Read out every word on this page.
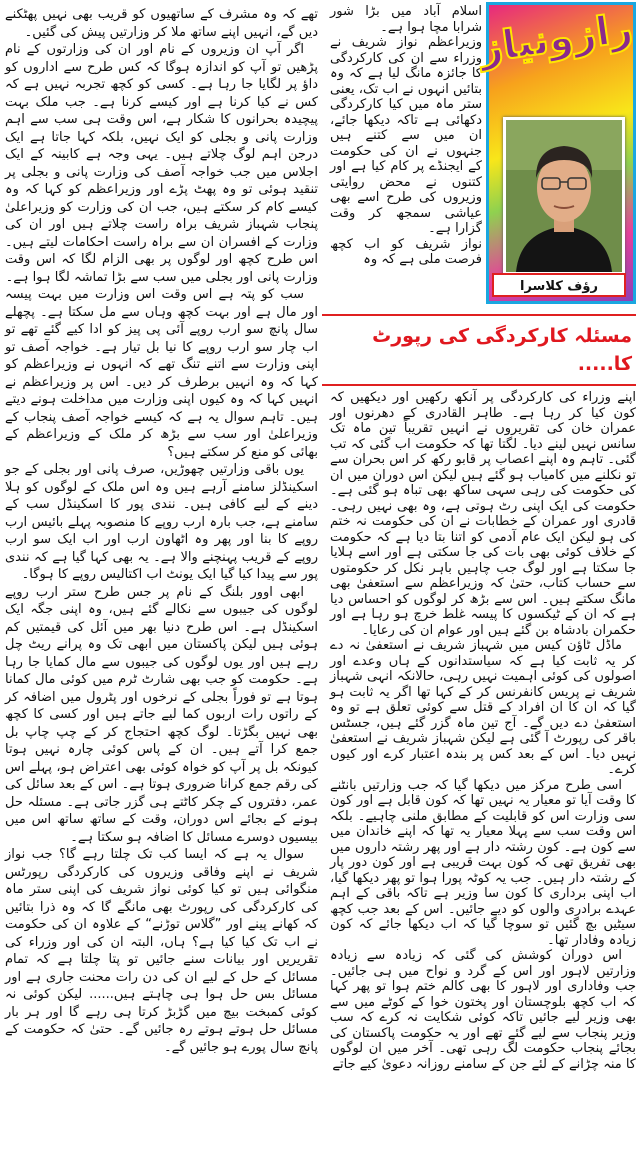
تھے کہ وہ مشرف کے ساتھیوں کو قریب بھی نہیں پھٹکنے دیں گے، انہیں اپنے ساتھ ملا کر وزارتیں پیش کی گئیں۔

اگر آپ ان وزیروں کے نام اور ان کی وزارتوں کے نام پڑھیں تو آپ کو اندازہ ہوگا کہ کس طرح سے اداروں کو داؤ پر لگایا جا رہا ہے۔ کسی کو کچھ تجربہ نہیں ہے کہ کس نے کیا کرنا ہے اور کیسے کرنا ہے۔ جب ملک بہت پیچیدہ بحرانوں کا شکار ہے، اس وقت ہی سب سے اہم وزارت پانی و بجلی کو ایک نہیں، بلکہ کہا جاتا ہے ایک درجن اہم لوگ چلاتے ہیں۔ یہی وجہ ہے کابینہ کے ایک اجلاس میں جب خواجہ آصف کی وزارت پانی و بجلی پر تنقید ہوئی تو وہ پھٹ پڑے اور وزیراعظم کو کہا کہ وہ کیسے کام کر سکتے ہیں، جب ان کی وزارت کو وزیراعلیٰ پنجاب شہباز شریف براہ راست چلاتے ہیں اور ان کی وزارت کے افسران ان سے براہ راست احکامات لیتے ہیں۔ اس طرح کچھ اور لوگوں پر بھی الزام لگا کہ اس وقت وزارت پانی اور بجلی میں سب سے بڑا تماشہ لگا ہوا ہے۔

سب کو پتہ ہے اس وقت اس وزارت میں بہت پیسہ اور مال ہے اور بہت کچھ وہاں سے مل سکتا ہے۔ پچھلے سال پانچ سو ارب روپے آئی پی پیز کو ادا کیے گئے تھے تو اب چار سو ارب روپے کا نیا بل تیار ہے۔ خواجہ آصف تو اپنی وزارت سے اتنے تنگ تھے کہ انہوں نے وزیراعظم کو کہا کہ وہ انہیں برطرف کر دیں۔ اس پر وزیراعظم نے انہیں کہا کہ وہ کیوں اپنی وزارت میں مداخلت ہونے دیتے ہیں۔ تاہم سوال یہ ہے کہ کیسے خواجہ آصف پنجاب کے وزیراعلیٰ اور سب سے بڑھ کر ملک کے وزیراعظم کے بھائی کو منع کر سکتے ہیں؟

یوں باقی وزارتیں چھوڑیں، صرف پانی اور بجلی کے جو اسکینڈلز سامنے آرہے ہیں وہ اس ملک کے لوگوں کو ہلا دینے کے لیے کافی ہیں۔ نندی پور کا اسکینڈل سب کے سامنے ہے، جب بارہ ارب روپے کا منصوبہ پہلے بائیس ارب روپے کا بنا اور پھر وہ اٹھاون ارب اور اب ایک سو ارب روپے کے قریب پہنچنے والا ہے۔ یہ بھی کہا گیا ہے کہ نندی پور سے پیدا کیا گیا ایک یونٹ اب اکتالیس روپے کا ہوگا۔

ابھی اوور بلنگ کے نام پر جس طرح ستر ارب روپے لوگوں کی جیبوں سے نکالے گئے ہیں، وہ اپنی جگہ ایک اسکینڈل ہے۔ اس طرح دنیا بھر میں آئل کی قیمتیں کم ہوئی ہیں لیکن پاکستان میں ابھی تک وہ پرانے ریٹ چل رہے ہیں اور یوں لوگوں کی جیبوں سے مال کمایا جا رہا ہے۔ حکومت کو جب بھی شارٹ ٹرم میں کوئی مال کمانا ہوتا ہے تو فوراً بجلی کے نرخوں اور پٹرول میں اضافہ کر کے راتوں رات اربوں کما لیے جاتے ہیں اور کسی کا کچھ بھی نہیں بگڑتا۔ لوگ کچھ احتجاج کر کے چپ چاپ بل جمع کرا آتے ہیں۔ ان کے پاس کوئی چارہ نہیں ہوتا کیونکہ بل پر آپ کو خواہ کوئی بھی اعتراض ہو، پہلے اس کی رقم جمع کرانا ضروری ہوتا ہے۔ اس کے بعد سائل کی عمر، دفتروں کے چکر کاٹتے ہی گزر جاتی ہے۔ مسئلہ حل ہونے کے بجائے اس دوران، وقت کے ساتھ ساتھ اس میں بیسیوں دوسرے مسائل کا اضافہ ہو سکتا ہے۔

سوال یہ ہے کہ ایسا کب تک چلتا رہے گا؟ جب نواز شریف نے اپنے وفاقی وزیروں کی کارکردگی رپورٹس منگوائی ہیں تو کیا کوئی نواز شریف کی اپنی ستر ماہ کی کارکردگی کی رپورٹ بھی مانگے گا کہ وہ ذرا بتائیں کہ کھانے پینے اور ”گلاس توڑنے“ کے علاوہ ان کی حکومت نے اب تک کیا کیا ہے؟ ہاں، البتہ ان کی اور وزراء کی تقریریں اور بیانات سنے جائیں تو پتا چلتا ہے کہ تمام مسائل کے حل کے لیے ان کی دن رات محنت جاری ہے اور مسائل بس حل ہوا ہی چاہتے ہیں...... لیکن کوئی نہ کوئی کمبخت بیچ میں گڑبڑ کرتا ہی رہے گا اور ہر بار مسائل حل ہوتے ہوتے رہ جائیں گے۔ حتیٰ کہ حکومت کے پانچ سال پورے ہو جائیں گے۔

رازونیاز
رؤف کلاسرا

اسلام آباد میں بڑا شور شرابا مچا ہوا ہے۔

وزیراعظم نواز شریف نے وزراء سے ان کی کارکردگی کا جائزہ مانگ لیا ہے کہ وہ بتائیں انہوں نے اب تک، یعنی ستر ماہ میں کیا کارکردگی دکھائی ہے تاکہ دیکھا جائے، ان میں سے کتنے ہیں جنہوں نے ان کی حکومت کے ایجنڈے پر کام کیا ہے اور کتنوں نے محض روایتی وزیروں کی طرح اسے بھی عیاشی سمجھ کر وقت گزارا ہے۔

نواز شریف کو اب کچھ فرصت ملی ہے کہ وہ

مسئلہ کارکردگی کی رپورٹ کا.....

اپنے وزراء کی کارکردگی پر آنکھ رکھیں اور دیکھیں کہ کون کیا کر رہا ہے۔ طاہر القادری کے دھرنوں اور عمران خان کی تقریروں نے انہیں تقریباً تین ماہ تک سانس نہیں لینے دیا۔ لگتا تھا کہ حکومت اب گئی کہ تب گئی۔ تاہم وہ اپنے اعصاب پر قابو رکھ کر اس بحران سے تو نکلنے میں کامیاب ہو گئے ہیں لیکن اس دوران میں ان کی حکومت کی رہی سہی ساکھ بھی تباہ ہو گئی ہے۔ حکومت کی ایک اپنی رٹ ہوتی ہے، وہ بھی نہیں رہی۔ قادری اور عمران کے خطابات نے ان کی حکومت نہ ختم کی ہو لیکن ایک عام آدمی کو اتنا بتا دیا ہے کہ حکومت کے خلاف کوئی بھی بات کی جا سکتی ہے اور اسے ہلایا جا سکتا ہے اور لوگ جب چاہیں باہر نکل کر حکومتوں سے حساب کتاب، حتیٰ کہ وزیراعظم سے استعفیٰ بھی مانگ سکتے ہیں۔ اس سے بڑھ کر لوگوں کو احساس دیا ہے کہ ان کے ٹیکسوں کا پیسہ غلط خرچ ہو رہا ہے اور حکمران بادشاہ بن گئے ہیں اور عوام ان کی رعایا۔

ماڈل ٹاؤن کیس میں شہباز شریف نے استعفیٰ نہ دے کر یہ ثابت کیا ہے کہ سیاستدانوں کے ہاں وعدے اور اصولوں کی کوئی اہمیت نہیں رہی، حالانکہ انہی شہباز شریف نے پریس کانفرنس کر کے کہا تھا اگر یہ ثابت ہو گیا کہ ان کا ان افراد کے قتل سے کوئی تعلق ہے تو وہ استعفیٰ دے دیں گے۔ آج تین ماہ گزر گئے ہیں، جسٹس باقر کی رپورٹ آ گئی ہے لیکن شہباز شریف نے استعفیٰ نہیں دیا۔ اس کے بعد کس پر بندہ اعتبار کرے اور کیوں کرے۔

اسی طرح مرکز میں دیکھا گیا کہ جب وزارتیں بانٹنے کا وقت آیا تو معیار یہ نہیں تھا کہ کون قابل ہے اور کون سی وزارت اس کو قابلیت کے مطابق ملنی چاہیے۔ بلکہ اس وقت سب سے پہلا معیار یہ تھا کہ اپنے خاندان میں سے کون ہے۔ کون رشتہ دار ہے اور پھر رشتہ داروں میں بھی تفریق تھی کہ کون بہت قریبی ہے اور کون دور پار کے رشتہ دار ہیں۔ جب یہ کوٹہ پورا ہوا تو پھر دیکھا گیا، اب اپنی برداری کا کون سا وزیر ہے تاکہ باقی کے اہم عہدے برادری والوں کو دیے جائیں۔ اس کے بعد جب کچھ سیٹیں بچ گئیں تو سوچا گیا کہ اب دیکھا جائے کہ کون زیادہ وفادار تھا۔

اس دوران کوشش کی گئی کہ زیادہ سے زیادہ وزارتیں لاہور اور اس کے گرد و نواح میں ہی جائیں۔ جب وفاداری اور لاہور کا بھی کالم ختم ہوا تو پھر کہا کہ اب کچھ بلوچستان اور پختون خوا کے کوٹے میں سے بھی وزیر لیے جائیں تاکہ کوئی شکایت نہ کرے کہ سب وزیر پنجاب سے لیے گئے تھے اور یہ حکومت پاکستان کی بجائے پنجاب حکومت لگ رہی تھی۔ آخر میں ان لوگوں کا منہ چڑانے کے لئے جن کے سامنے روزانہ دعویٰ کیے جاتے
